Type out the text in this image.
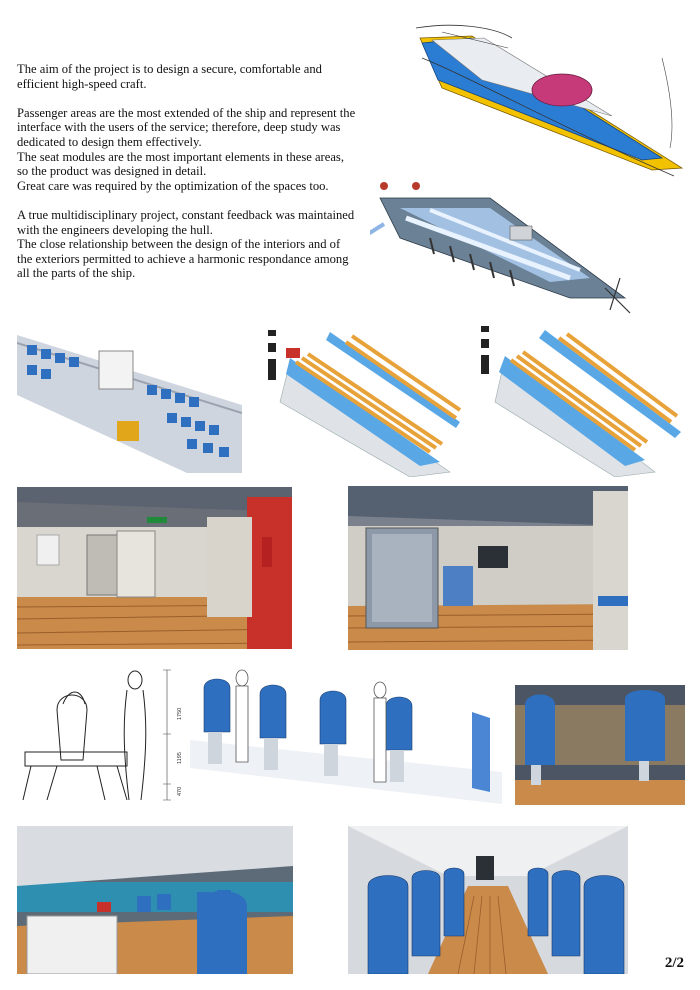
The aim of the project is to design a secure, comfortable and efficient high-speed craft.

Passenger areas are the most extended of the ship and represent the interface with the users of the service; therefore, deep study was dedicated to design them effectively.
The seat modules are the most important elements in these areas, so the product was designed in detail.
Great care was required by the optimization of the spaces too.

A true multidisciplinary project, constant feedback was maintained with the engineers developing the hull.
The close relationship between the design of the interiors and of the exteriors permitted to achieve a harmonic respondance among all the parts of the ship.

1750
1195
470
2/2
